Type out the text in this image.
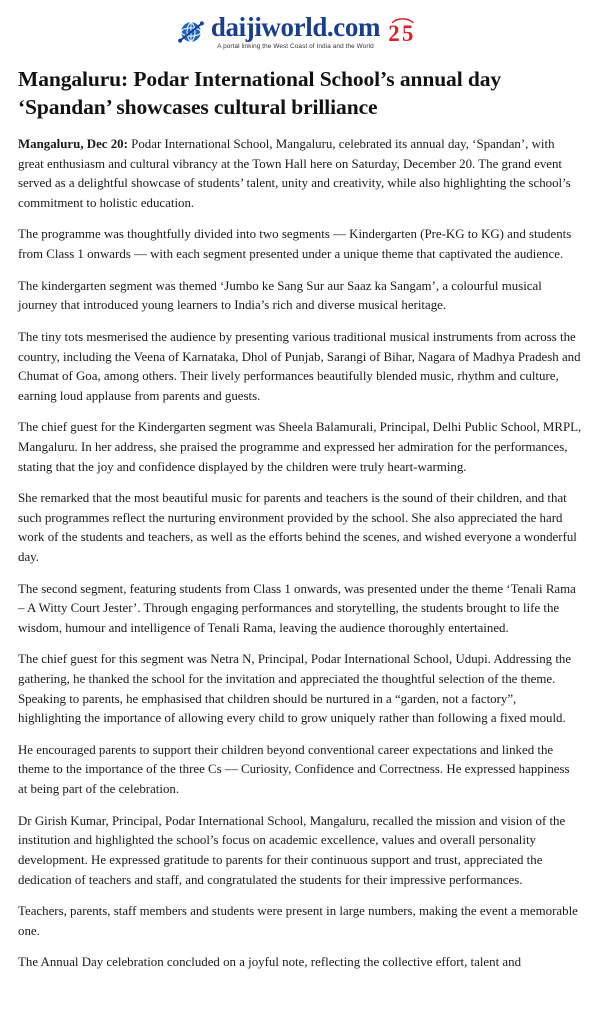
daijiworld.com
A portal linking the West Coast of India and the World
2 5
Mangaluru: Podar International School’s annual day ‘Spandan’ showcases cultural brilliance

Mangaluru, Dec 20: Podar International School, Mangaluru, celebrated its annual day, ‘Spandan’, with great enthusiasm and cultural vibrancy at the Town Hall here on Saturday, December 20. The grand event served as a delightful showcase of students’ talent, unity and creativity, while also highlighting the school’s commitment to holistic education.

The programme was thoughtfully divided into two segments — Kindergarten (Pre-KG to KG) and students from Class 1 onwards — with each segment presented under a unique theme that captivated the audience.

The kindergarten segment was themed ‘Jumbo ke Sang Sur aur Saaz ka Sangam’, a colourful musical journey that introduced young learners to India’s rich and diverse musical heritage.

The tiny tots mesmerised the audience by presenting various traditional musical instruments from across the country, including the Veena of Karnataka, Dhol of Punjab, Sarangi of Bihar, Nagara of Madhya Pradesh and Chumat of Goa, among others. Their lively performances beautifully blended music, rhythm and culture, earning loud applause from parents and guests.

The chief guest for the Kindergarten segment was Sheela Balamurali, Principal, Delhi Public School, MRPL, Mangaluru. In her address, she praised the programme and expressed her admiration for the performances, stating that the joy and confidence displayed by the children were truly heart-warming.

She remarked that the most beautiful music for parents and teachers is the sound of their children, and that such programmes reflect the nurturing environment provided by the school. She also appreciated the hard work of the students and teachers, as well as the efforts behind the scenes, and wished everyone a wonderful day.

The second segment, featuring students from Class 1 onwards, was presented under the theme ‘Tenali Rama – A Witty Court Jester’. Through engaging performances and storytelling, the students brought to life the wisdom, humour and intelligence of Tenali Rama, leaving the audience thoroughly entertained.

The chief guest for this segment was Netra N, Principal, Podar International School, Udupi. Addressing the gathering, he thanked the school for the invitation and appreciated the thoughtful selection of the theme. Speaking to parents, he emphasised that children should be nurtured in a “garden, not a factory”, highlighting the importance of allowing every child to grow uniquely rather than following a fixed mould.

He encouraged parents to support their children beyond conventional career expectations and linked the theme to the importance of the three Cs — Curiosity, Confidence and Correctness. He expressed happiness at being part of the celebration.

Dr Girish Kumar, Principal, Podar International School, Mangaluru, recalled the mission and vision of the institution and highlighted the school’s focus on academic excellence, values and overall personality development. He expressed gratitude to parents for their continuous support and trust, appreciated the dedication of teachers and staff, and congratulated the students for their impressive performances.

Teachers, parents, staff members and students were present in large numbers, making the event a memorable one.

The Annual Day celebration concluded on a joyful note, reflecting the collective effort, talent and
